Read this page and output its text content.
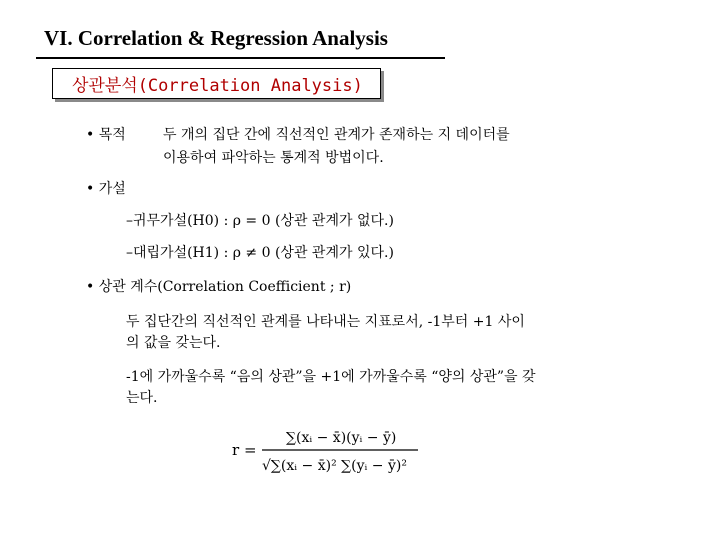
VI. Correlation & Regression Analysis
상관분석(Correlation Analysis)
• 목적	두 개의 집단 간에 직선적인 관계가 존재하는 지 데이터를
이용하여 파악하는 통계적 방법이다.
• 가설
–귀무가설(H0) : ρ = 0 (상관 관계가 없다.)
–대립가설(H1) : ρ ≠ 0 (상관 관계가 있다.)
• 상관 계수(Correlation Coefficient ; r)
두 집단간의 직선적인 관계를 나타내는 지표로서, -1부터 +1 사이
의 값을 갖는다.
-1에 가까울수록 “음의 상관”을 +1에 가까울수록 “양의 상관”을 갖
는다.
r =
∑(xᵢ − x̄)(yᵢ − ȳ)
√∑(xᵢ − x̄)² ∑(yᵢ − ȳ)²
